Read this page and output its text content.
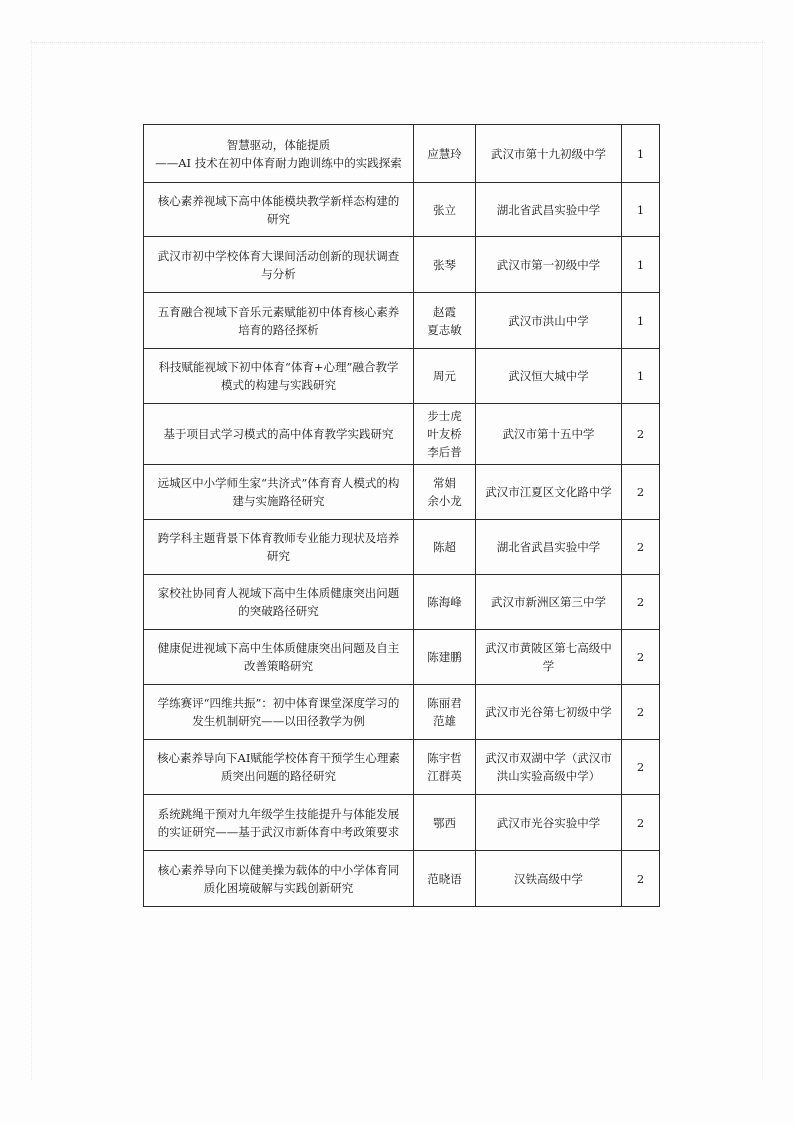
智慧驱动，体能提质
——AI 技术在初中体育耐力跑训练中的实践探索	应慧玲	武汉市第十九初级中学	1

核心素养视域下高中体能模块教学新样态构建的
研究	张立	湖北省武昌实验中学	1

武汉市初中学校体育大课间活动创新的现状调查
与分析	张琴	武汉市第一初级中学	1

五育融合视域下音乐元素赋能初中体育核心素养
培育的路径探析	赵霞
夏志敏	武汉市洪山中学	1

科技赋能视域下初中体育“体育+心理”融合教学
模式的构建与实践研究	周元	武汉恒大城中学	1

基于项目式学习模式的高中体育教学实践研究	步士虎
叶友桥
李后普	武汉市第十五中学	2

远城区中小学师生家“共济式”体育育人模式的构
建与实施路径研究	常娟
余小龙	武汉市江夏区文化路中学	2

跨学科主题背景下体育教师专业能力现状及培养
研究	陈超	湖北省武昌实验中学	2

家校社协同育人视域下高中生体质健康突出问题
的突破路径研究	陈海峰	武汉市新洲区第三中学	2

健康促进视域下高中生体质健康突出问题及自主
改善策略研究	陈建鹏	武汉市黄陂区第七高级中
学	2

学练赛评“四维共振”：初中体育课堂深度学习的
发生机制研究——以田径教学为例	陈丽君
范雄	武汉市光谷第七初级中学	2

核心素养导向下AI赋能学校体育干预学生心理素
质突出问题的路径研究	陈宇哲
江群英	武汉市双湖中学（武汉市
洪山实验高级中学）	2

系统跳绳干预对九年级学生技能提升与体能发展
的实证研究——基于武汉市新体育中考政策要求	鄂西	武汉市光谷实验中学	2

核心素养导向下以健美操为载体的中小学体育同
质化困境破解与实践创新研究	范晓语	汉铁高级中学	2
